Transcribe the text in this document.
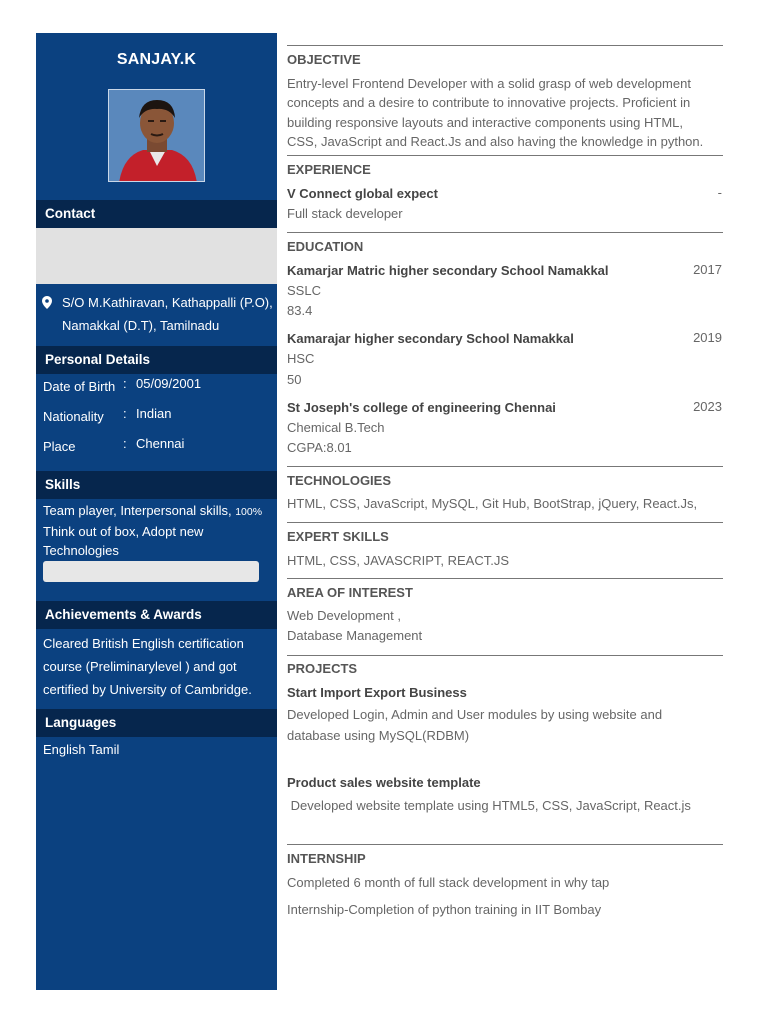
SANJAY.K
Contact
S/O M.Kathiravan, Kathappalli (P.O),
Namakkal (D.T), Tamilnadu
Personal Details
Date of Birth : 05/09/2001
Nationality : Indian
Place	: Chennai
Skills
Team player, Interpersonal skills, 100%
Think out of box, Adopt new
Technologies
Achievements & Awards
Cleared British English certification
course (Preliminarylevel ) and got
certified by University of Cambridge.
Languages
English Tamil
OBJECTIVE
Entry-level Frontend Developer with a solid grasp of web development
concepts and a desire to contribute to innovative projects. Proficient in
building responsive layouts and interactive components using HTML,
CSS, JavaScript and React.Js and also having the knowledge in python.
EXPERIENCE
V Connect global expect	-
Full stack developer
EDUCATION
Kamarjar Matric higher secondary School Namakkal	2017
SSLC
83.4
Kamarajar higher secondary School Namakkal	2019
HSC
50
St Joseph's college of engineering Chennai	2023
Chemical B.Tech
CGPA:8.01
TECHNOLOGIES
HTML, CSS, JavaScript, MySQL, Git Hub, BootStrap, jQuery, React.Js,
EXPERT SKILLS
HTML, CSS, JAVASCRIPT, REACT.JS
AREA OF INTEREST
Web Development ,
Database Management
PROJECTS
Start Import Export Business
Developed Login, Admin and User modules by using website and
database using MySQL(RDBM)
Product sales website template
Developed website template using HTML5, CSS, JavaScript, React.js
INTERNSHIP
Completed 6 month of full stack development in why tap
Internship-Completion of python training in IIT Bombay
